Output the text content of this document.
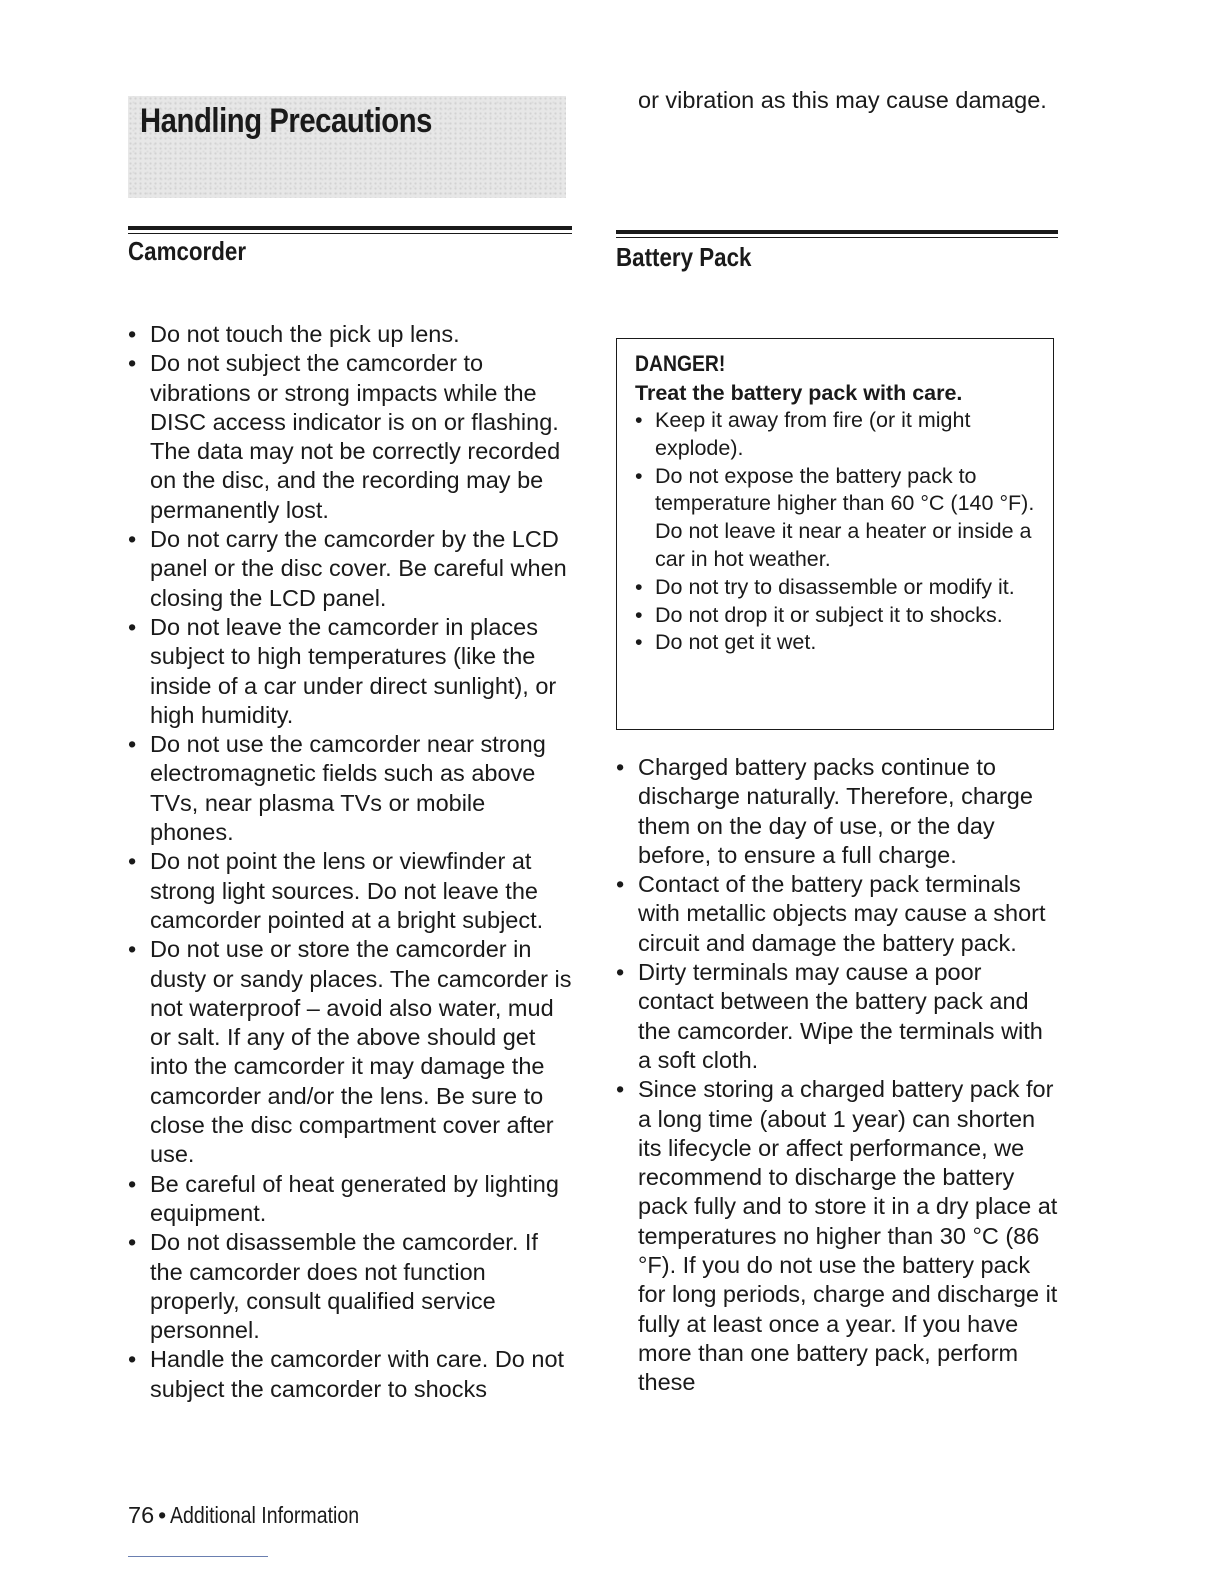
Handling Precautions
or vibration as this may cause damage.
Camcorder
• Do not touch the pick up lens.
• Do not subject the camcorder to vibrations or strong impacts while the DISC access indicator is on or flashing. The data may not be correctly recorded on the disc, and the recording may be permanently lost.
• Do not carry the camcorder by the LCD panel or the disc cover. Be careful when closing the LCD panel.
• Do not leave the camcorder in places subject to high temperatures (like the inside of a car under direct sunlight), or high humidity.
• Do not use the camcorder near strong electromagnetic fields such as above TVs, near plasma TVs or mobile phones.
• Do not point the lens or viewfinder at strong light sources. Do not leave the camcorder pointed at a bright subject.
• Do not use or store the camcorder in dusty or sandy places. The camcorder is not waterproof – avoid also water, mud or salt. If any of the above should get into the camcorder it may damage the camcorder and/or the lens. Be sure to close the disc compartment cover after use.
• Be careful of heat generated by lighting equipment.
• Do not disassemble the camcorder. If the camcorder does not function properly, consult qualified service personnel.
• Handle the camcorder with care. Do not subject the camcorder to shocks
Battery Pack
DANGER!
Treat the battery pack with care.
• Keep it away from fire (or it might explode).
• Do not expose the battery pack to temperature higher than 60 °C (140 °F). Do not leave it near a heater or inside a car in hot weather.
• Do not try to disassemble or modify it.
• Do not drop it or subject it to shocks.
• Do not get it wet.
• Charged battery packs continue to discharge naturally. Therefore, charge them on the day of use, or the day before, to ensure a full charge.
• Contact of the battery pack terminals with metallic objects may cause a short circuit and damage the battery pack.
• Dirty terminals may cause a poor contact between the battery pack and the camcorder. Wipe the terminals with a soft cloth.
• Since storing a charged battery pack for a long time (about 1 year) can shorten its lifecycle or affect performance, we recommend to discharge the battery pack fully and to store it in a dry place at temperatures no higher than 30 °C (86 °F). If you do not use the battery pack for long periods, charge and discharge it fully at least once a year. If you have more than one battery pack, perform these
76 • Additional Information
